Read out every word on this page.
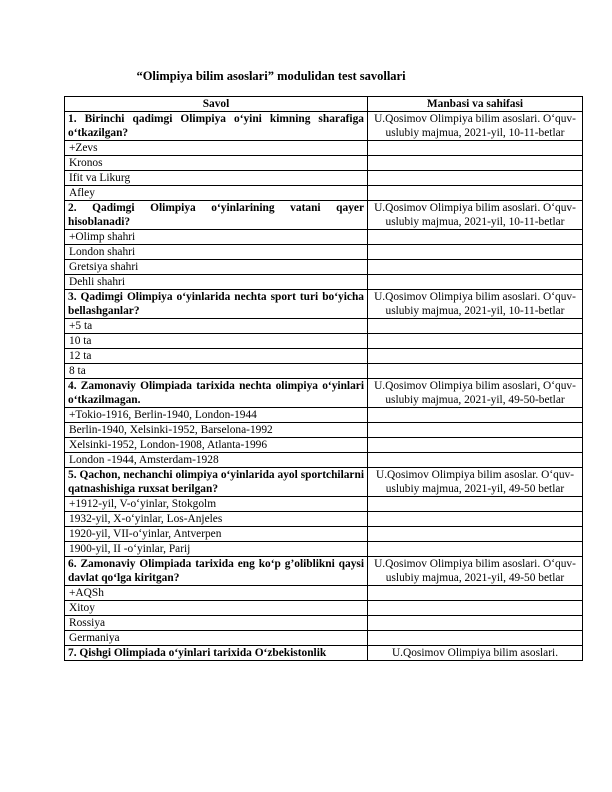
“Olimpiya bilim asoslari” modulidan test savollari
Savol	Manbasi va sahifasi
1. Birinchi qadimgi Olimpiya o‘yini kimning sharafiga o‘tkazilgan?	U.Qosimov Olimpiya bilim asoslari. O‘quv-uslubiy majmua, 2021-yil, 10-11-betlar
+Zevs	
Kronos	
Ifit va Likurg	
Afley	
2. Qadimgi Olimpiya o‘yinlarining vatani qayer hisoblanadi?	U.Qosimov Olimpiya bilim asoslari. O‘quv-uslubiy majmua, 2021-yil, 10-11-betlar
+Olimp shahri	
London shahri	
Gretsiya shahri	
Dehli shahri	
3. Qadimgi Olimpiya o‘yinlarida nechta sport turi bo‘yicha bellashganlar?	U.Qosimov Olimpiya bilim asoslari. O‘quv-uslubiy majmua, 2021-yil, 10-11-betlar
+5 ta	
10 ta	
12 ta	
8 ta	
4. Zamonaviy Olimpiada tarixida nechta olimpiya o‘yinlari o‘tkazilmagan.	U.Qosimov Olimpiya bilim asoslari, O‘quv-uslubiy majmua, 2021-yil, 49-50-betlar
+Tokio-1916, Berlin-1940, London-1944	
Berlin-1940, Xelsinki-1952, Barselona-1992	
Xelsinki-1952, London-1908, Atlanta-1996	
London -1944, Amsterdam-1928	
5. Qachon, nechanchi olimpiya o‘yinlarida ayol sportchilarni qatnashishiga ruxsat berilgan?	U.Qosimov Olimpiya bilim asoslar. O‘quv-uslubiy majmua, 2021-yil, 49-50 betlar
+1912-yil, V-o‘yinlar, Stokgolm	
1932-yil, X-o‘yinlar, Los-Anjeles	
1920-yil, VII-o‘yinlar, Antverpen	
1900-yil, II -o‘yinlar, Parij	
6. Zamonaviy Olimpiada tarixida eng ko‘p g’oliblikni qaysi davlat qo‘lga kiritgan?	U.Qosimov Olimpiya bilim asoslari. O‘quv-uslubiy majmua, 2021-yil, 49-50 betlar
+AQSh	
Xitoy	
Rossiya	
Germaniya	
7. Qishgi Olimpiada o‘yinlari tarixida O‘zbekistonlik	U.Qosimov Olimpiya bilim asoslari.
